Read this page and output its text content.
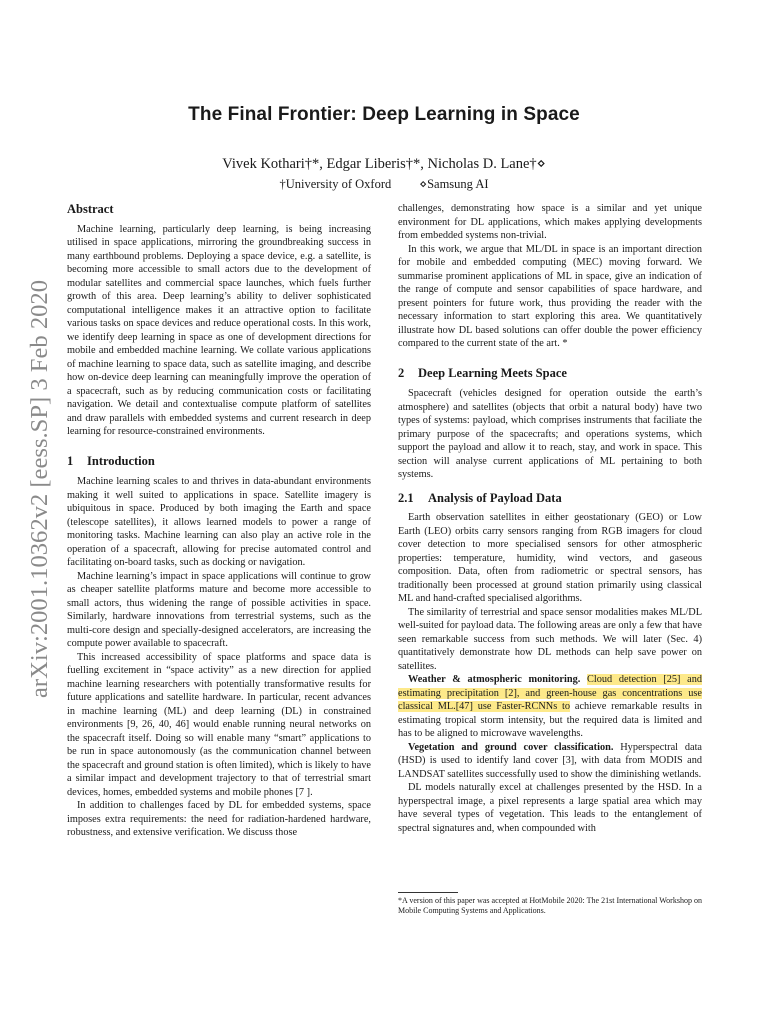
arXiv:2001.10362v2 [eess.SP] 3 Feb 2020
The Final Frontier: Deep Learning in Space
Vivek Kothari†*, Edgar Liberis†*, Nicholas D. Lane†⋄
†University of Oxford ⋄Samsung AI
Abstract

Machine learning, particularly deep learning, is being increasing utilised in space applications, mirroring the groundbreaking success in many earthbound problems. Deploying a space device, e.g. a satellite, is becoming more accessible to small actors due to the development of modular satellites and commercial space launches, which fuels further growth of this area. Deep learning’s ability to deliver sophisticated computational intelligence makes it an attractive option to facilitate various tasks on space devices and reduce operational costs. In this work, we identify deep learning in space as one of development directions for mobile and embedded machine learning. We collate various applications of machine learning to space data, such as satellite imaging, and describe how on-device deep learning can meaningfully improve the operation of a spacecraft, such as by reducing communication costs or facilitating navigation. We detail and contextualise compute platform of satellites and draw parallels with embedded systems and current research in deep learning for resource-constrained environments.

1 Introduction

Machine learning scales to and thrives in data-abundant environments making it well suited to applications in space. Satellite imagery is ubiquitous in space. Produced by both imaging the Earth and space (telescope satellites), it allows learned models to power a range of monitoring tasks. Machine learning can also play an active role in the operation of a spacecraft, allowing for precise automated control and facilitating on-board tasks, such as docking or navigation.

Machine learning’s impact in space applications will continue to grow as cheaper satellite platforms mature and become more accessible to small actors, thus widening the range of possible activities in space. Similarly, hardware innovations from terrestrial systems, such as the multi-core design and specially-designed accelerators, are increasing the compute power available to spacecraft.

This increased accessibility of space platforms and space data is fuelling excitement in “space activity” as a new direction for applied machine learning researchers with potentially transformative results for future applications and satellite hardware. In particular, recent advances in machine learning (ML) and deep learning (DL) in constrained environments [9, 26, 40, 46] would enable running neural networks on the spacecraft itself. Doing so will enable many “smart” applications to be run in space autonomously (as the communication channel between the spacecraft and ground station is often limited), which is likely to have a similar impact and development trajectory to that of terrestrial smart devices, homes, embedded systems and mobile phones [7 ].

In addition to challenges faced by DL for embedded systems, space imposes extra requirements: the need for radiation-hardened hardware, robustness, and extensive verification. We discuss those

challenges, demonstrating how space is a similar and yet unique environment for DL applications, which makes applying developments from embedded systems non-trivial.

In this work, we argue that ML/DL in space is an important direction for mobile and embedded computing (MEC) moving forward. We summarise prominent applications of ML in space, give an indication of the range of compute and sensor capabilities of space hardware, and present pointers for future work, thus providing the reader with the necessary information to start exploring this area. We quantitatively illustrate how DL based solutions can offer double the power efficiency compared to the current state of the art. *

2 Deep Learning Meets Space

Spacecraft (vehicles designed for operation outside the earth’s atmosphere) and satellites (objects that orbit a natural body) have two types of systems: payload, which comprises instruments that faciliate the primary purpose of the spacecrafts; and operations systems, which support the payload and allow it to reach, stay, and work in space. This section will analyse current applications of ML pertaining to both systems.

2.1 Analysis of Payload Data

Earth observation satellites in either geostationary (GEO) or Low Earth (LEO) orbits carry sensors ranging from RGB imagers for cloud cover detection to more specialised sensors for other atmospheric properties: temperature, humidity, wind vectors, and gaseous composition. Data, often from radiometric or spectral sensors, has traditionally been processed at ground station primarily using classical ML and hand-crafted specialised algorithms.

The similarity of terrestrial and space sensor modalities makes ML/DL well-suited for payload data. The following areas are only a few that have seen remarkable success from such methods. We will later (Sec. 4) quantitatively demonstrate how DL methods can help save power on satellites.

Weather & atmospheric monitoring. Cloud detection [25] and estimating precipitation [2], and green-house gas concentrations use classical ML.[47] use Faster-RCNNs to achieve remarkable results in estimating tropical storm intensity, but the required data is limited and has to be aligned to microwave wavelengths.

Vegetation and ground cover classification. Hyperspectral data (HSD) is used to identify land cover [3], with data from MODIS and LANDSAT satellites successfully used to show the diminishing wetlands.

DL models naturally excel at challenges presented by the HSD. In a hyperspectral image, a pixel represents a large spatial area which may have several types of vegetation. This leads to the entanglement of spectral signatures and, when compounded with

*A version of this paper was accepted at HotMobile 2020: The 21st International Workshop on Mobile Computing Systems and Applications.
